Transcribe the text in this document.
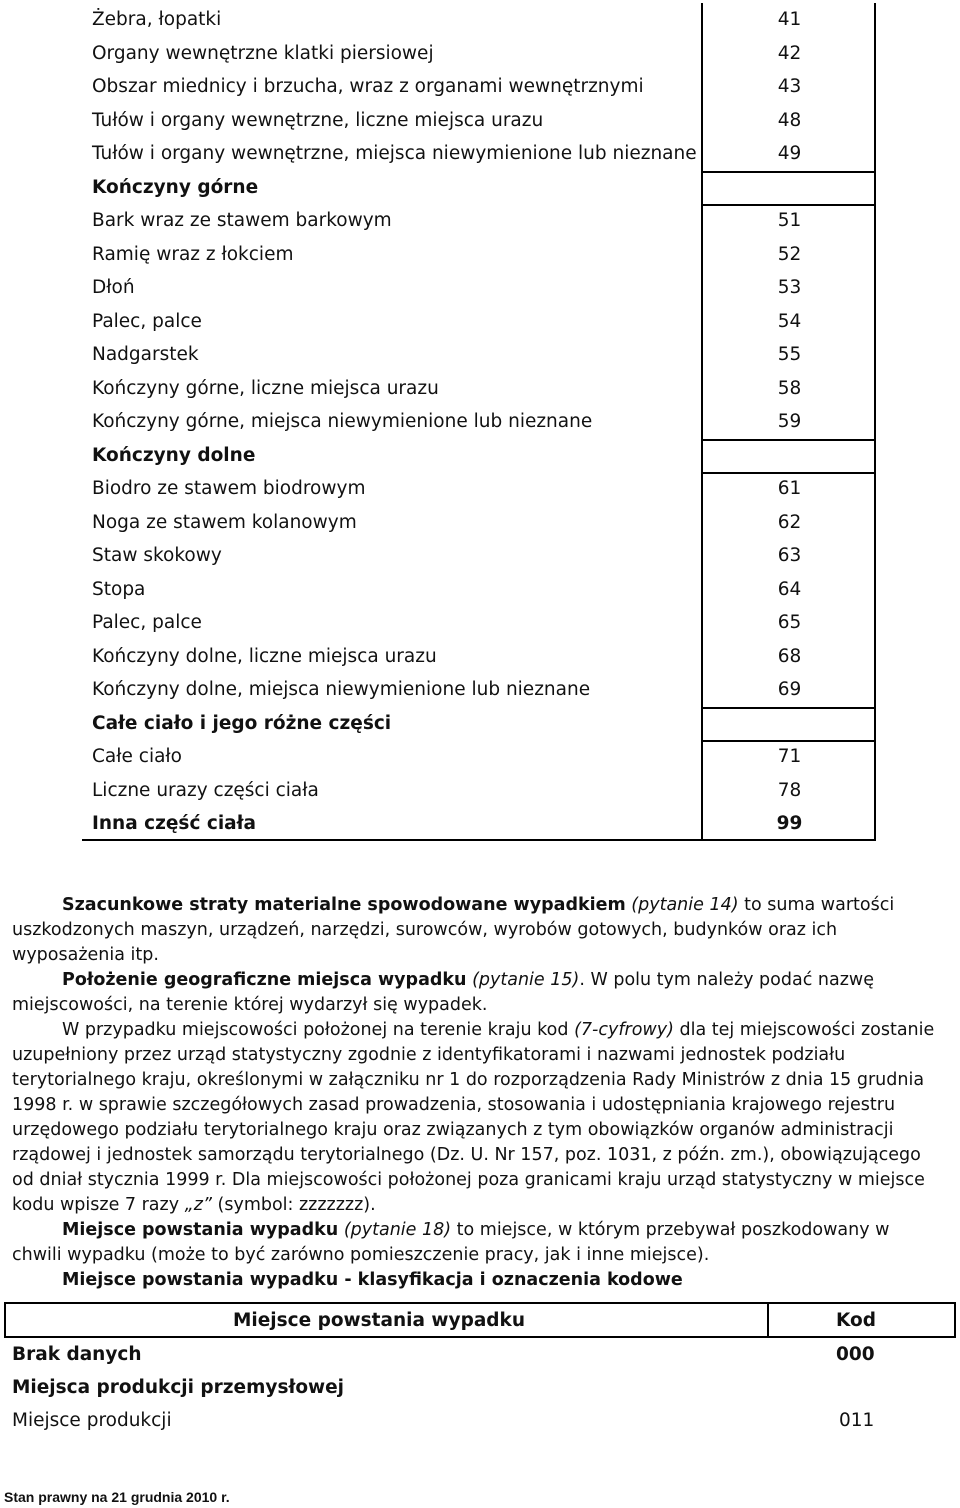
Żebra, łopatki	41
Organy wewnętrzne klatki piersiowej	42
Obszar miednicy i brzucha, wraz z organami wewnętrznymi	43
Tułów i organy wewnętrzne, liczne miejsca urazu	48
Tułów i organy wewnętrzne, miejsca niewymienione lub nieznane	49
Kończyny górne
Bark wraz ze stawem barkowym	51
Ramię wraz z łokciem	52
Dłoń	53
Palec, palce	54
Nadgarstek	55
Kończyny górne, liczne miejsca urazu	58
Kończyny górne, miejsca niewymienione lub nieznane	59
Kończyny dolne
Biodro ze stawem biodrowym	61
Noga ze stawem kolanowym	62
Staw skokowy	63
Stopa	64
Palec, palce	65
Kończyny dolne, liczne miejsca urazu	68
Kończyny dolne, miejsca niewymienione lub nieznane	69
Całe ciało i jego różne części
Całe ciało	71
Liczne urazy części ciała	78
Inna część ciała	99

Szacunkowe straty materialne spowodowane wypadkiem (pytanie 14) to suma wartości uszkodzonych maszyn, urządzeń, narzędzi, surowców, wyrobów gotowych, budynków oraz ich wyposażenia itp.

Położenie geograficzne miejsca wypadku (pytanie 15). W polu tym należy podać nazwę miejscowości, na terenie której wydarzył się wypadek.

W przypadku miejscowości położonej na terenie kraju kod (7-cyfrowy) dla tej miejscowości zostanie uzupełniony przez urząd statystyczny zgodnie z identyfikatorami i nazwami jednostek podziału terytorialnego kraju, określonymi w załączniku nr 1 do rozporządzenia Rady Ministrów z dnia 15 grudnia 1998 r. w sprawie szczegółowych zasad prowadzenia, stosowania i udostępniania krajowego rejestru urzędowego podziału terytorialnego kraju oraz związanych z tym obowiązków organów administracji rządowej i jednostek samorządu terytorialnego (Dz. U. Nr 157, poz. 1031, z późn. zm.), obowiązującego od dniał stycznia 1999 r. Dla miejscowości położonej poza granicami kraju urząd statystyczny w miejsce kodu wpisze 7 razy „z” (symbol: zzzzzzz).

Miejsce powstania wypadku (pytanie 18) to miejsce, w którym przebywał poszkodowany w chwili wypadku (może to być zarówno pomieszczenie pracy, jak i inne miejsce).

Miejsce powstania wypadku - klasyfikacja i oznaczenia kodowe

Miejsce powstania wypadku	Kod
Brak danych	000
Miejsca produkcji przemysłowej
Miejsce produkcji	011
Stan prawny na 21 grudnia 2010 r.
